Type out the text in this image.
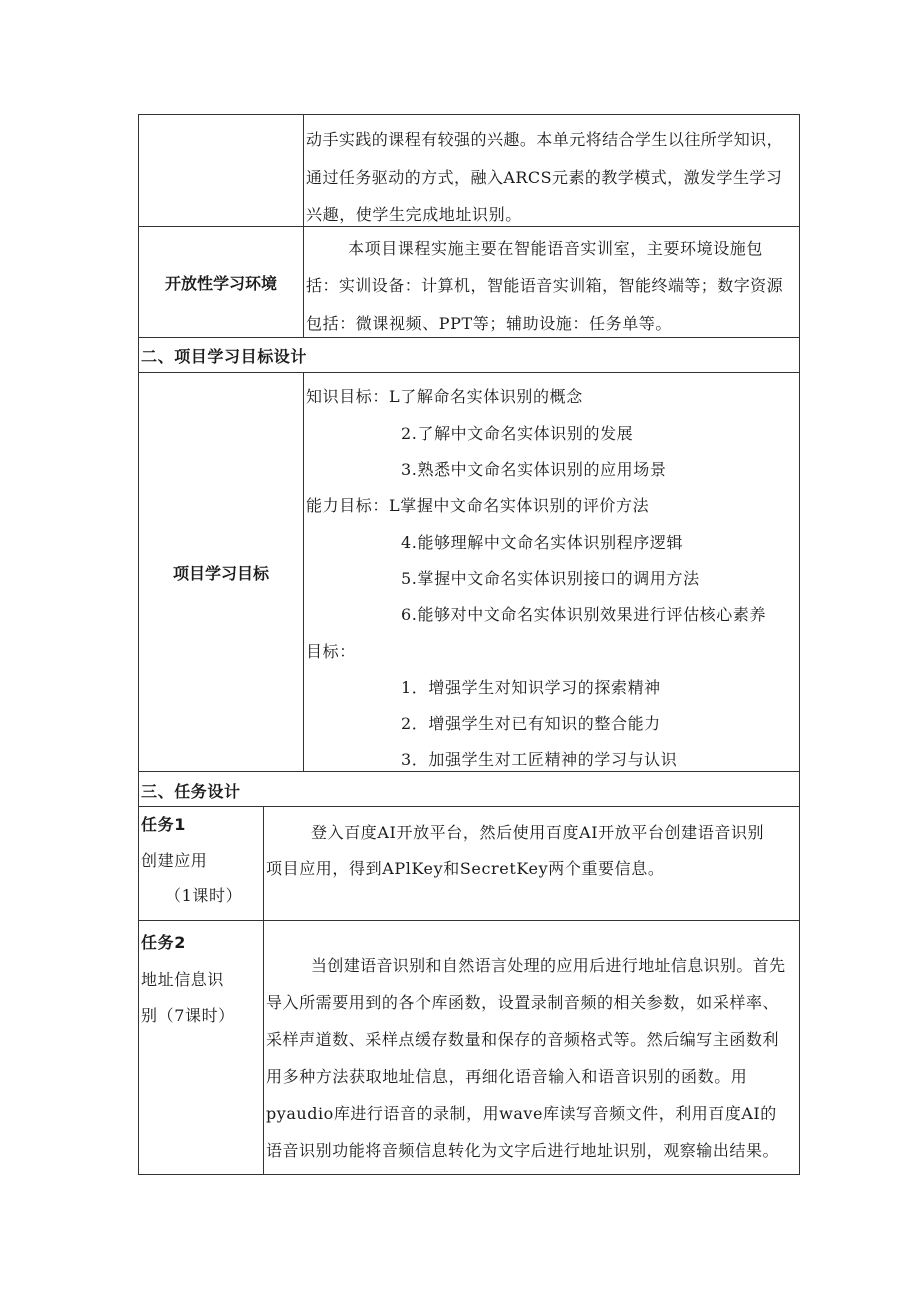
动手实践的课程有较强的兴趣。本单元将结合学生以往所学知识，
通过任务驱动的方式，融入ARCS元素的教学模式，激发学生学习
兴趣，使学生完成地址识别。
开放性学习环境
本项目课程实施主要在智能语音实训室，主要环境设施包
括：实训设备：计算机，智能语音实训箱，智能终端等；数字资源
包括：微课视频、PPT等；辅助设施：任务单等。
二、项目学习目标设计
项目学习目标
知识目标：L了解命名实体识别的概念
2.了解中文命名实体识别的发展
3.熟悉中文命名实体识别的应用场景
能力目标：L掌握中文命名实体识别的评价方法
4.能够理解中文命名实体识别程序逻辑
5.掌握中文命名实体识别接口的调用方法
6.能够对中文命名实体识别效果进行评估核心素养
目标：
1．增强学生对知识学习的探索精神
2．增强学生对已有知识的整合能力
3．加强学生对工匠精神的学习与认识
三、任务设计
任务1
创建应用
（1课时）
登入百度AI开放平台，然后使用百度AI开放平台创建语音识别
项目应用，得到APlKey和SecretKey两个重要信息。
任务2
地址信息识
别（7课时）
当创建语音识别和自然语言处理的应用后进行地址信息识别。首先
导入所需要用到的各个库函数，设置录制音频的相关参数，如采样率、
采样声道数、采样点缓存数量和保存的音频格式等。然后编写主函数利
用多种方法获取地址信息，再细化语音输入和语音识别的函数。用
pyaudio库进行语音的录制，用wave库读写音频文件，利用百度AI的
语音识别功能将音频信息转化为文字后进行地址识别，观察输出结果。
